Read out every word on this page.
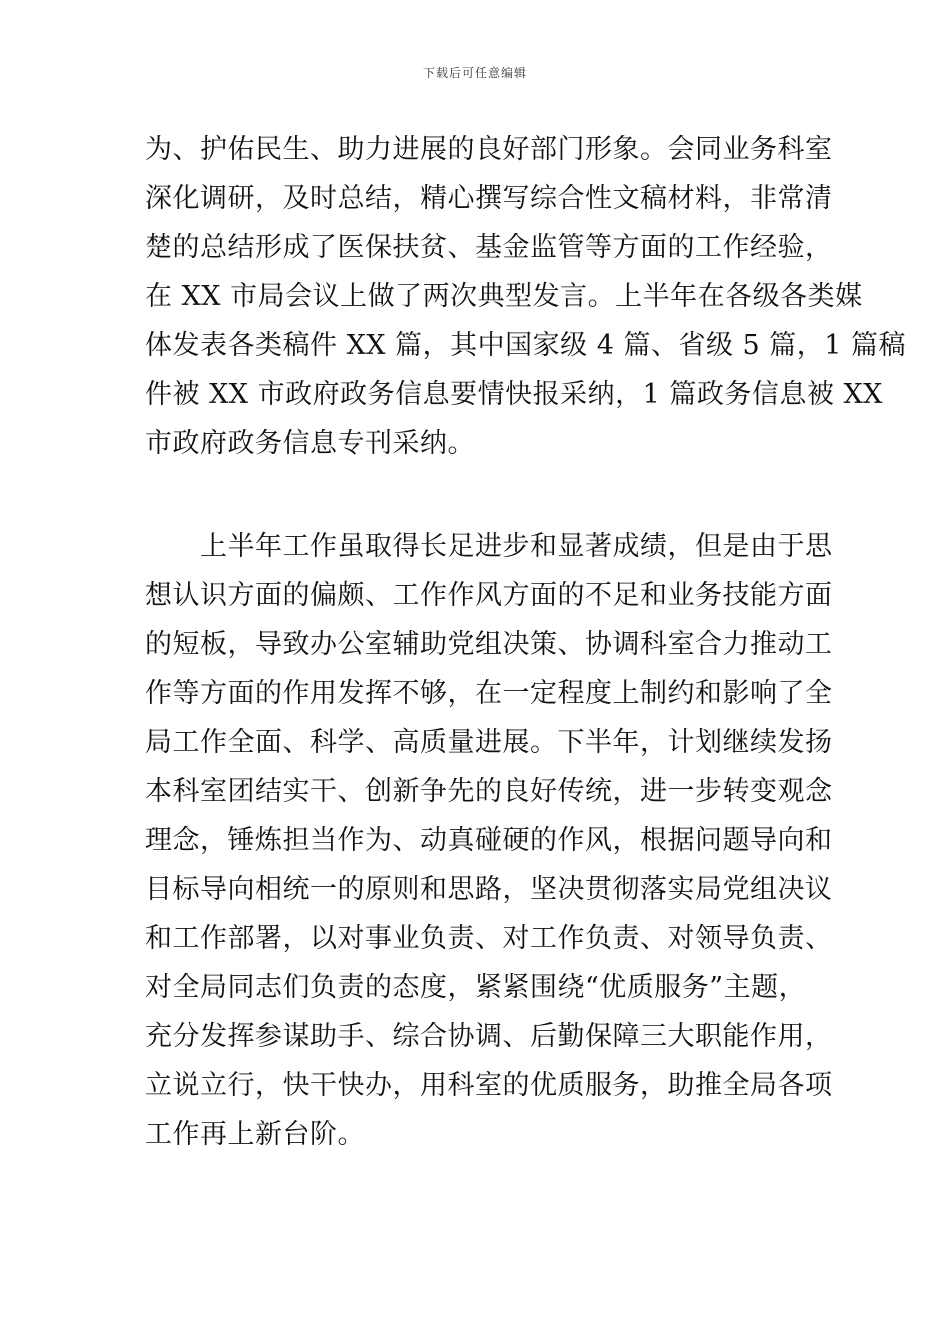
下载后可任意编辑
为、护佑民生、助力进展的良好部门形象。会同业务科室
深化调研，及时总结，精心撰写综合性文稿材料，非常清
楚的总结形成了医保扶贫、基金监管等方面的工作经验，
在 XX 市局会议上做了两次典型发言。上半年在各级各类媒
体发表各类稿件 XX 篇，其中国家级 4 篇、省级 5 篇，1 篇稿
件被 XX 市政府政务信息要情快报采纳，1 篇政务信息被 XX
市政府政务信息专刊采纳。
　　上半年工作虽取得长足进步和显著成绩，但是由于思
想认识方面的偏颇、工作作风方面的不足和业务技能方面
的短板，导致办公室辅助党组决策、协调科室合力推动工
作等方面的作用发挥不够，在一定程度上制约和影响了全
局工作全面、科学、高质量进展。下半年，计划继续发扬
本科室团结实干、创新争先的良好传统，进一步转变观念
理念，锤炼担当作为、动真碰硬的作风，根据问题导向和
目标导向相统一的原则和思路，坚决贯彻落实局党组决议
和工作部署，以对事业负责、对工作负责、对领导负责、
对全局同志们负责的态度，紧紧围绕“优质服务”主题，
充分发挥参谋助手、综合协调、后勤保障三大职能作用，
立说立行，快干快办，用科室的优质服务，助推全局各项
工作再上新台阶。
